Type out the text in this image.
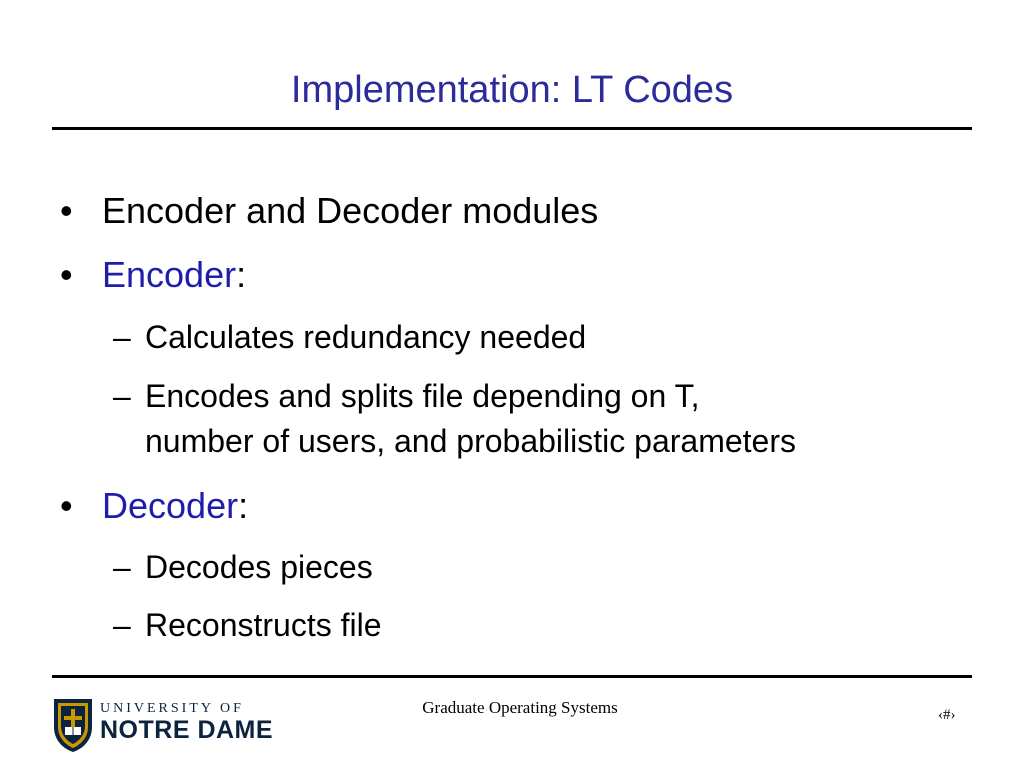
Implementation: LT Codes
• Encoder and Decoder modules
• Encoder:
– Calculates redundancy needed
– Encodes and splits file depending on T,
number of users, and probabilistic parameters
• Decoder:
– Decodes pieces
– Reconstructs file
UNIVERSITY OF
NOTRE DAME
Graduate Operating Systems	‹#›
